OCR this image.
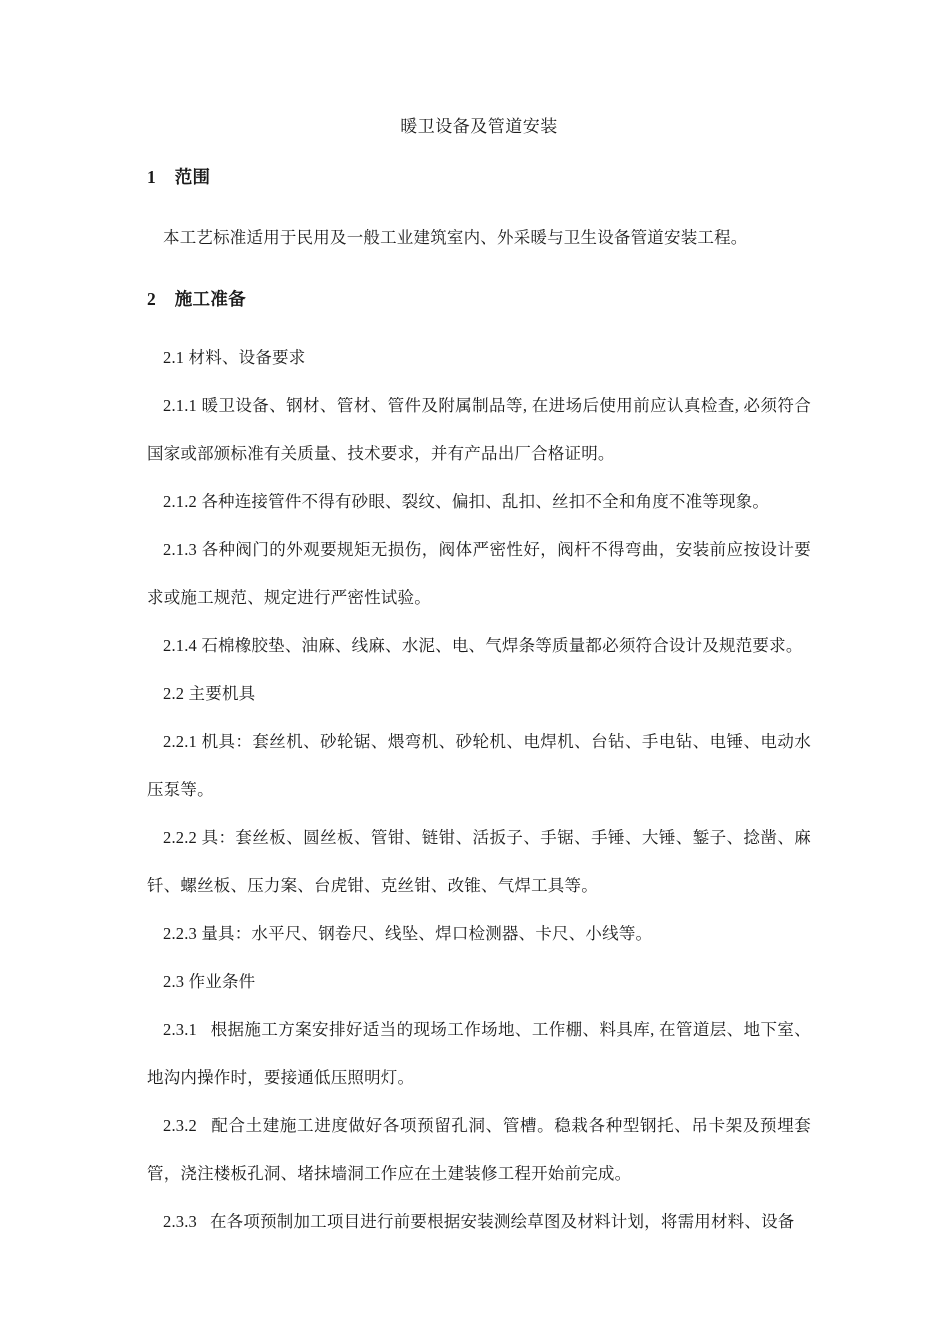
暖卫设备及管道安装
1    范围

本工艺标准适用于民用及一般工业建筑室内、外采暖与卫生设备管道安装工程。

2    施工准备
2.1 材料、设备要求

2.1.1 暖卫设备、钢材、管材、管件及附属制品等, 在进场后使用前应认真检查, 必须符合国家或部颁标准有关质量、技术要求，并有产品出厂合格证明。

2.1.2 各种连接管件不得有砂眼、裂纹、偏扣、乱扣、丝扣不全和角度不准等现象。

2.1.3 各种阀门的外观要规矩无损伤，阀体严密性好，阀杆不得弯曲，安装前应按设计要求或施工规范、规定进行严密性试验。

2.1.4 石棉橡胶垫、油麻、线麻、水泥、电、气焊条等质量都必须符合设计及规范要求。

2.2 主要机具

2.2.1 机具：套丝机、砂轮锯、煨弯机、砂轮机、电焊机、台钻、手电钻、电锤、电动水压泵等。

2.2.2 具：套丝板、圆丝板、管钳、链钳、活扳子、手锯、手锤、大锤、錾子、捻凿、麻钎、螺丝板、压力案、台虎钳、克丝钳、改锥、气焊工具等。

2.2.3 量具：水平尺、钢卷尺、线坠、焊口检测器、卡尺、小线等。

2.3 作业条件

2.3.1   根据施工方案安排好适当的现场工作场地、工作棚、料具库, 在管道层、地下室、地沟内操作时，要接通低压照明灯。

2.3.2   配合土建施工进度做好各项预留孔洞、管槽。稳栽各种型钢托、吊卡架及预埋套管，浇注楼板孔洞、堵抹墙洞工作应在土建装修工程开始前完成。

2.3.3   在各项预制加工项目进行前要根据安装测绘草图及材料计划，将需用材料、设备
